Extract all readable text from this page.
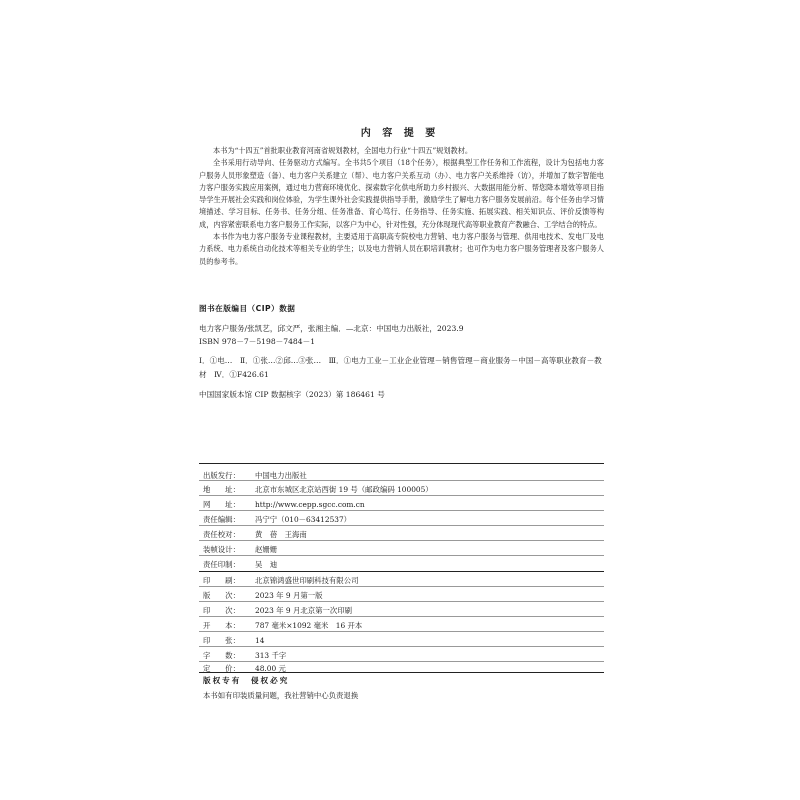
内 容 提 要

本书为“十四五”首批职业教育河南省规划教材，全国电力行业“十四五”规划教材。

全书采用行动导向、任务驱动方式编写。全书共5个项目（18个任务），根据典型工作任务和工作流程，设计为包括电力客户服务人员形象塑造（备）、电力客户关系建立（帮）、电力客户关系互动（办）、电力客户关系维持（访），并增加了数字智能电力客户服务实践应用案例，通过电力营商环境优化、探索数字化供电所助力乡村振兴、大数据用能分析、帮您降本增效等项目指导学生开展社会实践和岗位体验，为学生课外社会实践提供指导手册，激励学生了解电力客户服务发展前沿。每个任务由学习情境描述、学习目标、任务书、任务分组、任务准备、育心笃行、任务指导、任务实施、拓展实践、相关知识点、评价反馈等构成，内容紧密联系电力客户服务工作实际，以客户为中心，针对性强，充分体现现代高等职业教育产教融合、工学结合的特点。

本书作为电力客户服务专业课程教材，主要适用于高职高专院校电力营销、电力客户服务与管理、供用电技术、发电厂及电力系统、电力系统自动化技术等相关专业的学生；以及电力营销人员在职培训教材；也可作为电力客户服务管理者及客户服务人员的参考书。

图书在版编目（CIP）数据
电力客户服务/张凯艺，邱文严，张湘主编．—北京：中国电力出版社，2023.9
ISBN 978－7－5198－7484－1
Ⅰ．①电…　Ⅱ．①张…②邱…③张…　Ⅲ．①电力工业－工业企业管理－销售管理－商业服务－中国－高等职业教育－教材　Ⅳ．①F426.61
中国国家版本馆 CIP 数据核字（2023）第 186461 号
出版发行：	中国电力出版社
地　　址：	北京市东城区北京站西街 19 号（邮政编码 100005）
网　　址：	http://www.cepp.sgcc.com.cn
责任编辑：	冯宁宁（010－63412537）
责任校对：	黄　蓓　王海南
装帧设计：	赵姗姗
责任印制：	吴　迪
印　　刷：	北京锦鸿盛世印刷科技有限公司
版　　次：	2023 年 9 月第一版
印　　次：	2023 年 9 月北京第一次印刷
开　　本：	787 毫米×1092 毫米　16 开本
印　　张：	14
字　　数：	313 千字
定　　价：	48.00 元
版权专有　侵权必究
本书如有印装质量问题，我社营销中心负责退换
